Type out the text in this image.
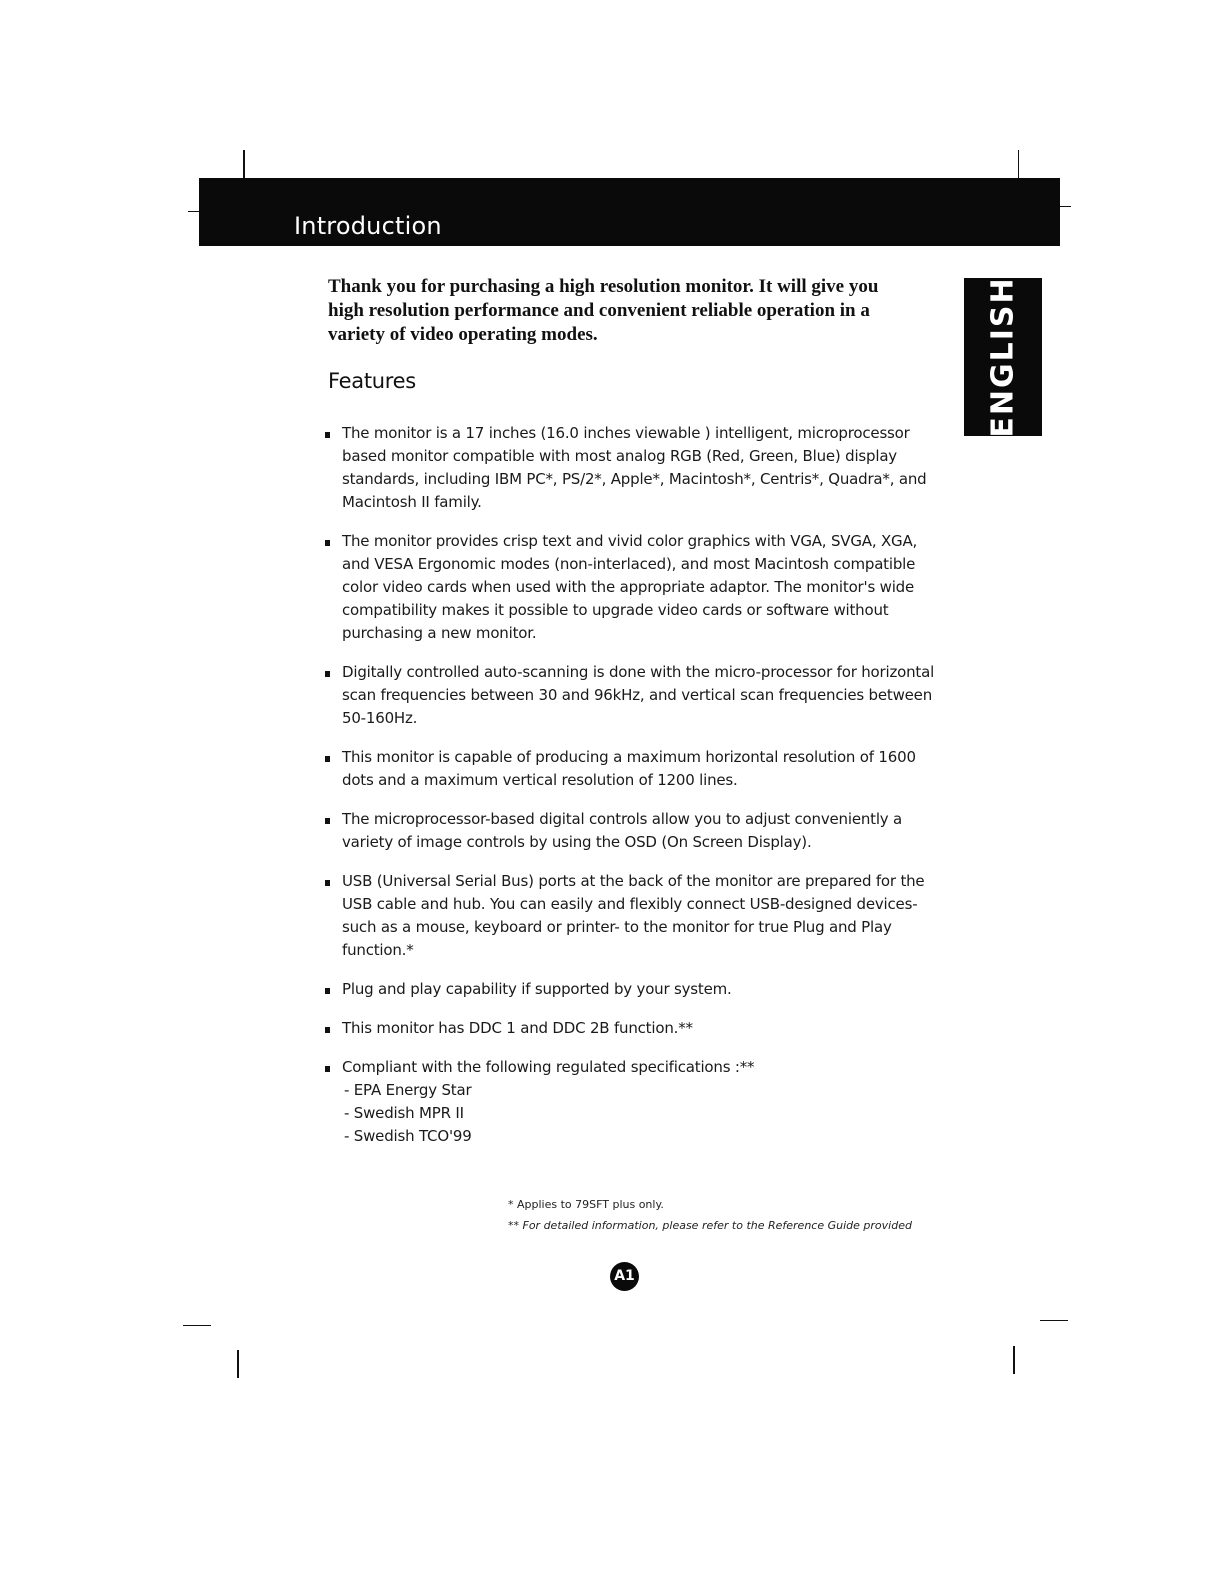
Introduction
ENGLISH

Thank you for purchasing a high resolution monitor. It will give you high resolution performance and convenient reliable operation in a variety of video operating modes.

Features
The monitor is a 17 inches (16.0 inches viewable ) intelligent, microprocessor based monitor compatible with most analog RGB (Red, Green, Blue) display standards, including IBM PC*, PS/2*, Apple*, Macintosh*, Centris*, Quadra*, and Macintosh II family.
The monitor provides crisp text and vivid color graphics with VGA, SVGA, XGA, and VESA Ergonomic modes (non-interlaced), and most Macintosh compatible color video cards when used with the appropriate adaptor. The monitor's wide compatibility makes it possible to upgrade video cards or software without purchasing a new monitor.
Digitally controlled auto-scanning is done with the micro-processor for horizontal scan frequencies between 30 and 96kHz, and vertical scan frequencies between 50-160Hz.
This monitor is capable of producing a maximum horizontal resolution of 1600 dots and a maximum vertical resolution of 1200 lines.
The microprocessor-based digital controls allow you to adjust conveniently a variety of image controls by using the OSD (On Screen Display).
USB (Universal Serial Bus) ports at the back of the monitor are prepared for the USB cable and hub. You can easily and flexibly connect USB-designed devices-such as a mouse, keyboard or printer- to the monitor for true Plug and Play function.*
Plug and play capability if supported by your system.
This monitor has DDC 1 and DDC 2B function.**
Compliant with the following regulated specifications :**
- EPA Energy Star
- Swedish MPR II
- Swedish TCO'99
* Applies to 79SFT plus only.
** For detailed information, please refer to the Reference Guide provided
A1
